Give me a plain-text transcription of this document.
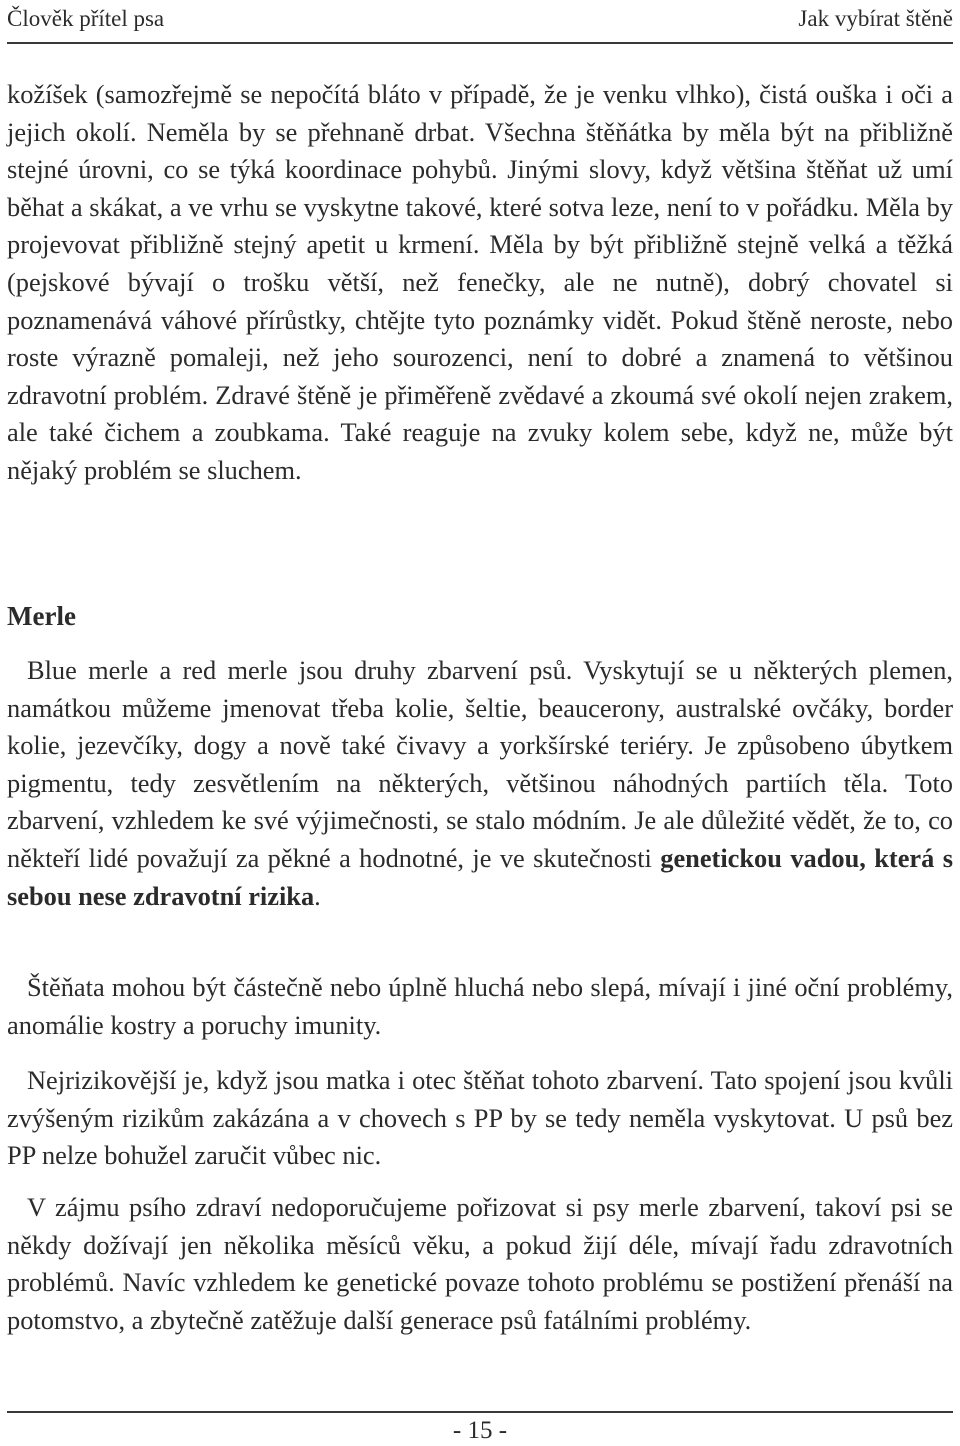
Člověk přítel psa	Jak vybírat štěně

kožíšek (samozřejmě se nepočítá bláto v případě, že je venku vlhko), čistá ouška i oči a jejich okolí. Neměla by se přehnaně drbat. Všechna štěňátka by měla být na přibližně stejné úrovni, co se týká koordinace pohybů. Jinými slovy, když většina štěňat už umí běhat a skákat, a ve vrhu se vyskytne takové, které sotva leze, není to v pořádku. Měla by projevovat přibližně stejný apetit u krmení. Měla by být přibližně stejně velká a těžká (pejskové bývají o trošku větší, než fenečky, ale ne nutně), dobrý chovatel si poznamenává váhové přírůstky, chtějte tyto poznámky vidět. Pokud štěně neroste, nebo roste výrazně pomaleji, než jeho sourozenci, není to dobré a znamená to většinou zdravotní problém. Zdravé štěně je přiměřeně zvědavé a zkoumá své okolí nejen zrakem, ale také čichem a zoubkama. Také reaguje na zvuky kolem sebe, když ne, může být nějaký problém se sluchem.

Merle

Blue merle a red merle jsou druhy zbarvení psů. Vyskytují se u některých plemen, namátkou můžeme jmenovat třeba kolie, šeltie, beaucerony, australské ovčáky, border kolie, jezevčíky, dogy a nově také čivavy a yorkšírské teriéry. Je způsobeno úbytkem pigmentu, tedy zesvětlením na některých, většinou náhodných partiích těla. Toto zbarvení, vzhledem ke své výjimečnosti, se stalo módním. Je ale důležité vědět, že to, co někteří lidé považují za pěkné a hodnotné, je ve skutečnosti genetickou vadou, která s sebou nese zdravotní rizika.

Štěňata mohou být částečně nebo úplně hluchá nebo slepá, mívají i jiné oční problémy, anomálie kostry a poruchy imunity.

Nejrizikovější je, když jsou matka i otec štěňat tohoto zbarvení. Tato spojení jsou kvůli zvýšeným rizikům zakázána a v chovech s PP by se tedy neměla vyskytovat. U psů bez PP nelze bohužel zaručit vůbec nic.

V zájmu psího zdraví nedoporučujeme pořizovat si psy merle zbarvení, takoví psi se někdy dožívají jen několika měsíců věku, a pokud žijí déle, mívají řadu zdravotních problémů. Navíc vzhledem ke genetické povaze tohoto problému se postižení přenáší na potomstvo, a zbytečně zatěžuje další generace psů fatálními problémy.

- 15 -
